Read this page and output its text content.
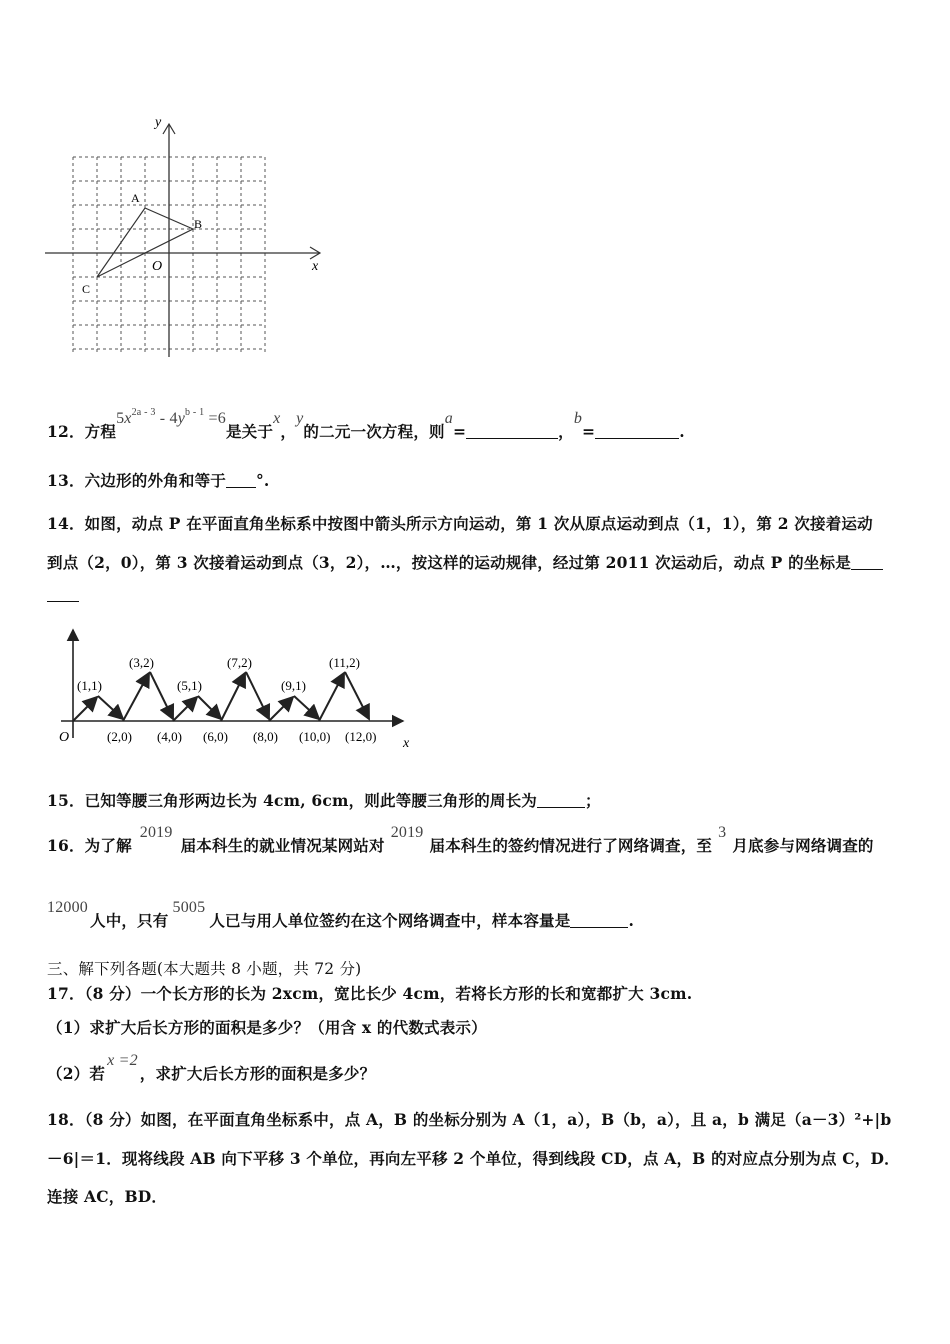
y
x
O
A
B
C
12．方程$5x^{2a - 3} - 4y^{b - 1} =6$是关于x，y的二元一次方程，则a=	，b=	.
13．六边形的外角和等于 °.
14．如图，动点 P 在平面直角坐标系中按图中箭头所示方向运动，第 1 次从原点运动到点（1，1），第 2 次接着运动
到点（2，0），第 3 次接着运动到点（3，2），…，按这样的运动规律，经过第 2011 次运动后，动点 P 的坐标是
O	x
(1,1)
(3,2)
(5,1)
(7,2)
(9,1)
(11,2)
(2,0) (4,0) (6,0) (8,0) (10,0) (12,0)
15．已知等腰三角形两边长为 4cm, 6cm，则此等腰三角形的周长为	；
16．为了解2019届本科生的就业情况某网站对2019届本科生的签约情况进行了网络调查，至3月底参与网络调查的
12000人中，只有5005人已与用人单位签约在这个网络调查中，样本容量是	.
三、解下列各题(本大题共 8 小题，共 72 分)
17．（8 分）一个长方形的长为 2xcm，宽比长少 4cm，若将长方形的长和宽都扩大 3cm.
（1）求扩大后长方形的面积是多少？（用含 x 的代数式表示）
（2）若x =2，求扩大后长方形的面积是多少？
18．（8 分）如图，在平面直角坐标系中，点 A，B 的坐标分别为 A（1，a），B（b，a），且 a，b 满足（a－3）²+|b
－6|＝1．现将线段 AB 向下平移 3 个单位，再向左平移 2 个单位，得到线段 CD，点 A，B 的对应点分别为点 C，D．
连接 AC，BD．
